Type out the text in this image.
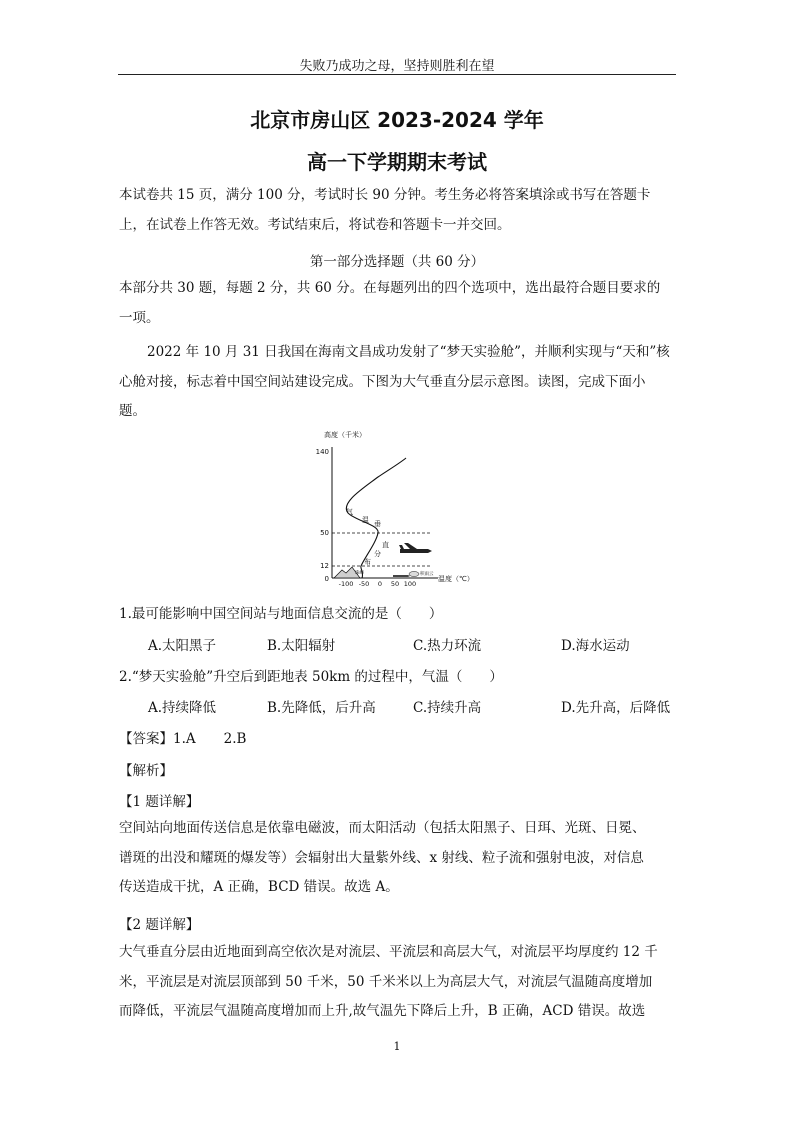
失败乃成功之母，坚持则胜利在望
北京市房山区 2023-2024 学年
高一下学期期末考试
本试卷共 15 页，满分 100 分，考试时长 90 分钟。考生务必将答案填涂或书写在答题卡
上，在试卷上作答无效。考试结束后，将试卷和答题卡一并交回。
第一部分选择题（共 60 分）
本部分共 30 题，每题 2 分，共 60 分。在每题列出的四个选项中，选出最符合题目要求的
一项。
2022 年 10 月 31 日我国在海南文昌成功发射了“梦天实验舱”，并顺利实现与“天和”核
心舱对接，标志着中国空间站建设完成。下图为大气垂直分层示意图。读图，完成下面小
题。
高度（千米）
140
50
12
0
气
温 垂
直
分
布
珠峰	积雨云
-100 -50 0 50 100
温度（℃）
1.最可能影响中国空间站与地面信息交流的是（　　）
A.太阳黑子	B.太阳辐射	C.热力环流	D.海水运动
2.“梦天实验舱”升空后到距地表 50km 的过程中，气温（　　）
A.持续降低	B.先降低，后升高	C.持续升高	D.先升高，后降低
【答案】1.A 2.B
【解析】
【1 题详解】
空间站向地面传送信息是依靠电磁波，而太阳活动（包括太阳黑子、日珥、光斑、日冕、
谱斑的出没和耀斑的爆发等）会辐射出大量紫外线、x 射线、粒子流和强射电波，对信息
传送造成干扰，A 正确，BCD 错误。故选 A。
【2 题详解】
大气垂直分层由近地面到高空依次是对流层、平流层和高层大气，对流层平均厚度约 12 千
米，平流层是对流层顶部到 50 千米，50 千米米以上为高层大气，对流层气温随高度增加
而降低，平流层气温随高度增加而上升,故气温先下降后上升，B 正确，ACD 错误。故选
1
